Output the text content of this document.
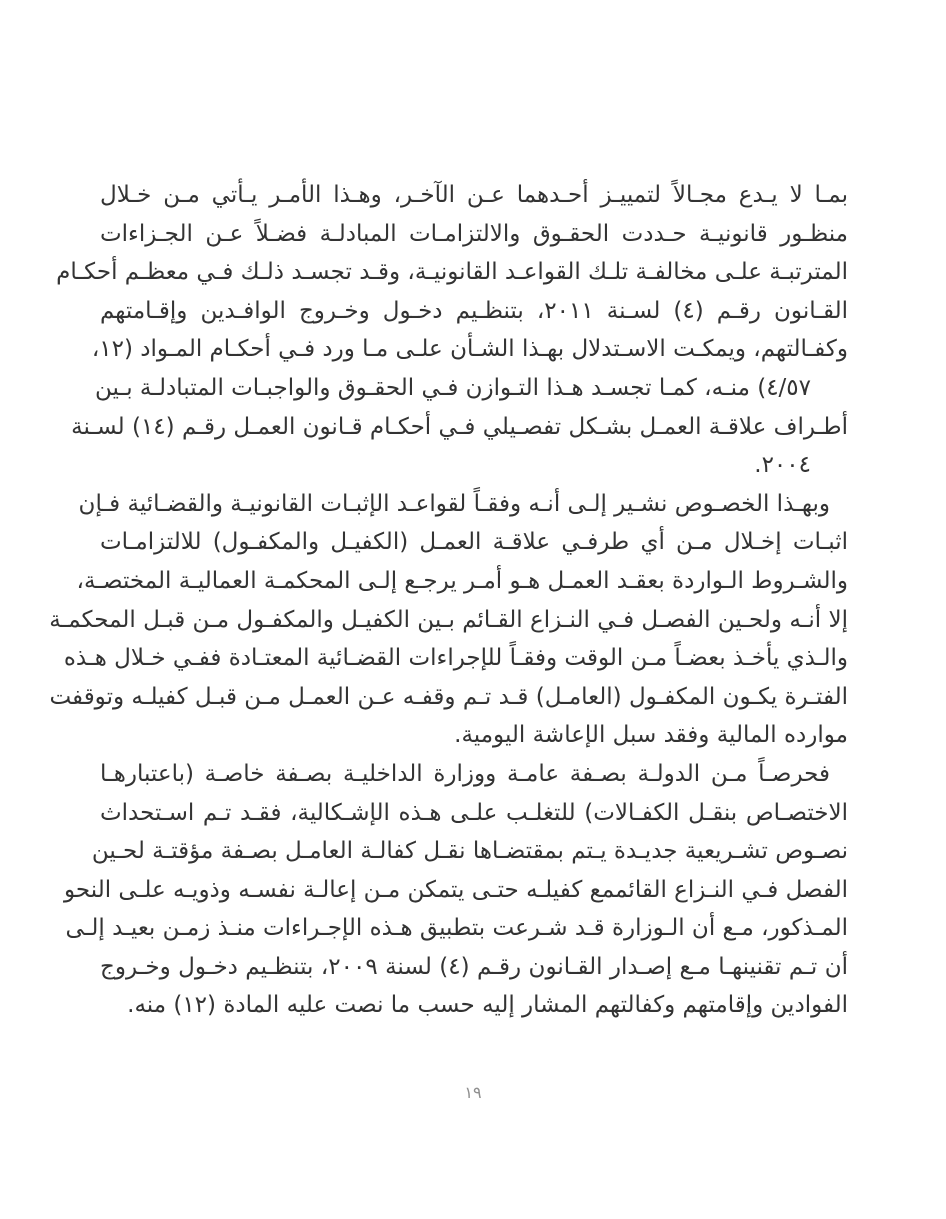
بمـا لا يـدع مجـالاً لتمييـز أحـدهما عـن الآخـر، وهـذا الأمـر يـأتي مـن خـلال
منظـور قانونيـة حـددت الحقـوق والالتزامـات المبادلـة فضـلاً عـن الجـزاءات
المترتبـة علـى مخالفـة تلـك القواعـد القانونيـة، وقـد تجسـد ذلـك فـي معظـم أحكـام
القـانون رقـم (٤) لسـنة ٢٠١١، بتنظـيم دخـول وخـروج الوافـدين وإقـامتهم
وكفـالتهم، ويمكـت الاسـتدلال بهـذا الشـأن علـى مـا ورد فـي أحكـام المـواد (١٢،
٤/٥٧) منـه، كمـا تجسـد هـذا التـوازن فـي الحقـوق والواجبـات المتبادلـة بـين
أطـراف علاقـة العمـل بشـكل تفصـيلي فـي أحكـام قـانون العمـل رقـم (١٤) لسـنة
٢٠٠٤.
وبهـذا الخصـوص نشـير إلـى أنـه وفقـاً لقواعـد الإثبـات القانونيـة والقضـائية فـإن
اثبـات إخـلال مـن أي طرفـي علاقـة العمـل (الكفيـل والمكفـول) للالتزامـات
والشـروط الـواردة بعقـد العمـل هـو أمـر يرجـع إلـى المحكمـة العماليـة المختصـة،
إلا أنـه ولحـين الفصـل فـي النـزاع القـائم بـين الكفيـل والمكفـول مـن قبـل المحكمـة
والـذي يأخـذ بعضـاً مـن الوقت وفقـاً للإجراءات القضـائية المعتـادة ففـي خـلال هـذه
الفتـرة يكـون المكفـول (العامـل) قـد تـم وقفـه عـن العمـل مـن قبـل كفيلـه وتوقفت
موارده المالية وفقد سبل الإعاشة اليومية.
فحرصـاً مـن الدولـة بصـفة عامـة ووزارة الداخليـة بصـفة خاصـة (باعتبارهـا
الاختصـاص بنقـل الكفـالات) للتغلـب علـى هـذه الإشـكالية، فقـد تـم اسـتحداث
نصـوص تشـريعية جديـدة يـتم بمقتضـاها نقـل كفالـة العامـل بصـفة مؤقتـة لحـين
الفصل فـي النـزاع القائممع كفيلـه حتـى يتمكن مـن إعالـة نفسـه وذويـه علـى النحو
المـذكور، مـع أن الـوزارة قـد شـرعت بتطبيق هـذه الإجـراءات منـذ زمـن بعيـد إلـى
أن تـم تقنينهـا مـع إصـدار القـانون رقـم (٤) لسنة ٢٠٠٩، بتنظـيم دخـول وخـروج
الفوادين وإقامتهم وكفالتهم المشار إليه حسب ما نصت عليه المادة (١٢) منه.
١٩
